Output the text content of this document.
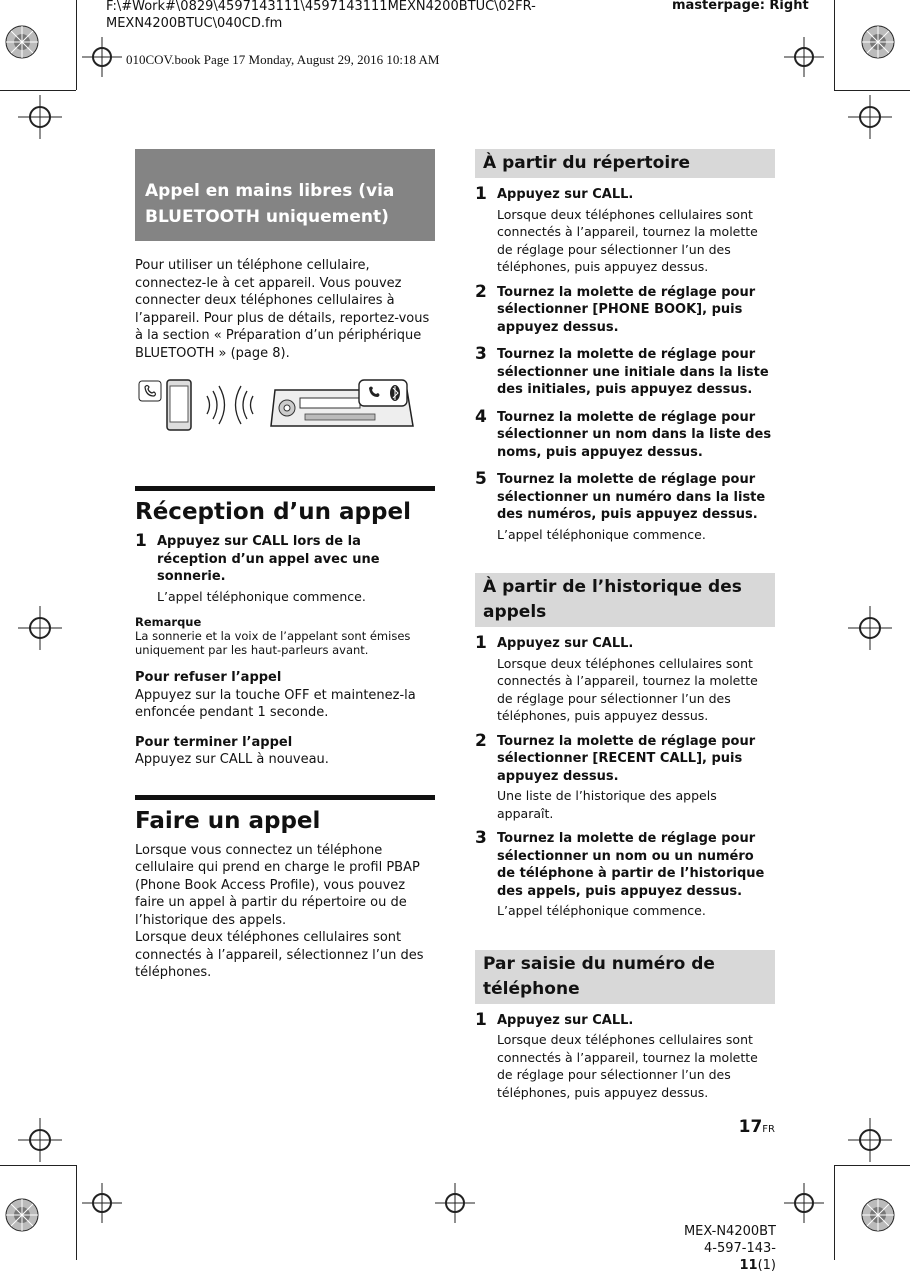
F:\#Work#\0829\4597143111\4597143111MEXN4200BTUC\02FR-
MEXN4200BTUC\040CD.fm
masterpage: Right
010COV.book Page 17 Monday, August 29, 2016 10:18 AM
Appel en mains libres (via BLUETOOTH uniquement)

Pour utiliser un téléphone cellulaire, connectez-le à cet appareil. Vous pouvez connecter deux téléphones cellulaires à l’appareil. Pour plus de détails, reportez-vous à la section « Préparation d’un périphérique BLUETOOTH » (page 8).

Réception d’un appel
1 Appuyez sur CALL lors de la réception d’un appel avec une sonnerie.
L’appel téléphonique commence.
Remarque
La sonnerie et la voix de l’appelant sont émises uniquement par les haut-parleurs avant.
Pour refuser l’appel

Appuyez sur la touche OFF et maintenez-la enfoncée pendant 1 seconde.

Pour terminer l’appel

Appuyez sur CALL à nouveau.

Faire un appel

Lorsque vous connectez un téléphone cellulaire qui prend en charge le profil PBAP (Phone Book Access Profile), vous pouvez faire un appel à partir du répertoire ou de l’historique des appels.

Lorsque deux téléphones cellulaires sont connectés à l’appareil, sélectionnez l’un des téléphones.

À partir du répertoire
1 Appuyez sur CALL.
Lorsque deux téléphones cellulaires sont connectés à l’appareil, tournez la molette de réglage pour sélectionner l’un des téléphones, puis appuyez dessus.
2 Tournez la molette de réglage pour sélectionner [PHONE BOOK], puis appuyez dessus.
3 Tournez la molette de réglage pour sélectionner une initiale dans la liste des initiales, puis appuyez dessus.
4 Tournez la molette de réglage pour sélectionner un nom dans la liste des noms, puis appuyez dessus.
5 Tournez la molette de réglage pour sélectionner un numéro dans la liste des numéros, puis appuyez dessus.
L’appel téléphonique commence.
À partir de l’historique des appels
1 Appuyez sur CALL.
Lorsque deux téléphones cellulaires sont connectés à l’appareil, tournez la molette de réglage pour sélectionner l’un des téléphones, puis appuyez dessus.
2 Tournez la molette de réglage pour sélectionner [RECENT CALL], puis appuyez dessus.
Une liste de l’historique des appels apparaît.
3 Tournez la molette de réglage pour sélectionner un nom ou un numéro de téléphone à partir de l’historique des appels, puis appuyez dessus.
L’appel téléphonique commence.
Par saisie du numéro de téléphone
1 Appuyez sur CALL.
Lorsque deux téléphones cellulaires sont connectés à l’appareil, tournez la molette de réglage pour sélectionner l’un des téléphones, puis appuyez dessus.
17FR
MEX-N4200BT
4-597-143-11(1)
